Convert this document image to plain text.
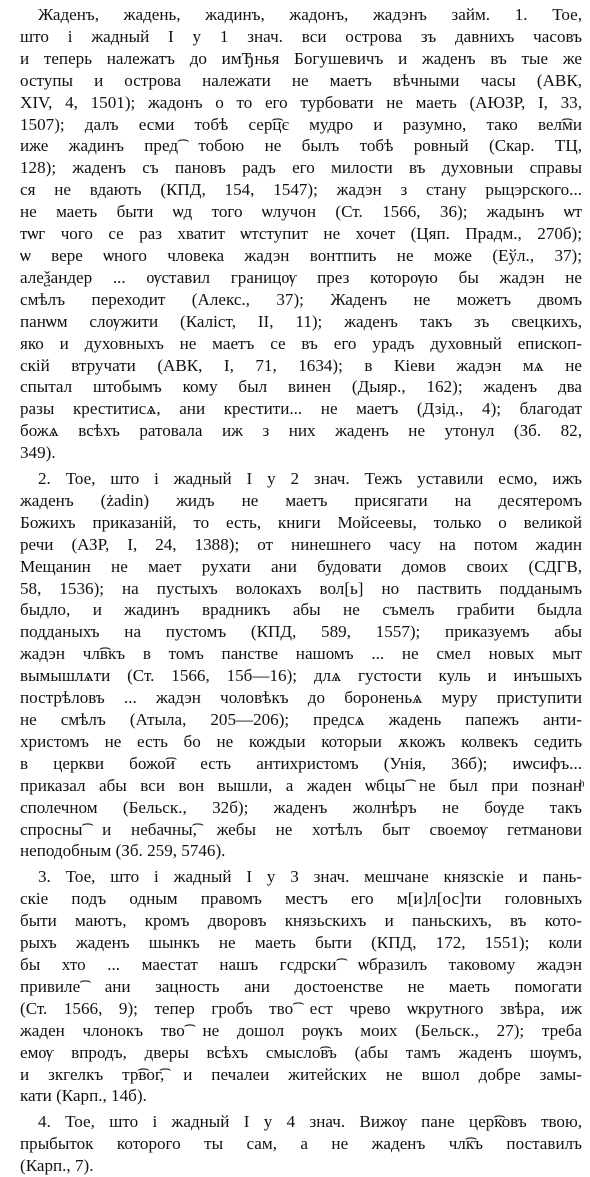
Жаденъ, жадень, жадинъ, жадонъ, жадэнъ займ. 1. Тое,
што і жадный I у 1 знач. вси острова зъ давнихъ часовъ
и теперь належатъ до имЂнья Богушевичъ и жаденъ въ тые же
оступы и острова належати не маетъ вѣчными часы (АВК,
XIV, 4, 1501); жадонъ о то его турбовати не маеть (АЮЗР, I, 33,
1507); далъ есми тобѣ сер͡цє мудро и разумно, тако вел͡ми
иже жадинъ пред͡ тобою не былъ тобѣ ровный (Скар. ТЦ,
128); жаденъ съ пановъ радъ его милости въ духовныи справы
ся не вдають (КПД, 154, 1547); жадэн з стану рыцэрского...
не маеть быти ѡд того ѡлучон (Ст. 1566, 36); жадынъ ѡт
тѡг чого се раз хватит ѡтступит не хочет (Цяп. Прадм., 270б);
ѡ вере ѡного чловека жадэн вонтпить не може (Еўл., 37);
алеѯандер ... ѹставил границѹ през которѹю бы жадэн не
смѣлъ переходит (Алекс., 37); Жаденъ не можетъ двомъ
панѡм слѹжити (Каліст, II, 11); жаденъ такъ зъ свецкихъ,
яко и духовныхъ не маетъ се въ его урадъ духовный епископ-
скій втручати (АВК, I, 71, 1634); в Кіеви жадэн мѧ не
спытал штобымъ кому был винен (Дыяр., 162); жаденъ два
разы креститисѧ, ани крестити... не маетъ (Дзід., 4); благодат
божѧ всѣхъ ратовала иж з них жаденъ не утонул (Зб. 82,
349).
2. Тое, што і жадный I у 2 знач. Тежъ уставили есмо, ижъ
жаденъ (żadin) жидъ не маетъ присягати на десятеромъ
Божихъ приказаній, то есть, книги Мойсеевы, только о великой
речи (АЗР, I, 24, 1388); от нинешнего часу на потом жадин
Мещанин не мает рухати ани будовати домов своих (СДГВ,
58, 1536); на пустыхъ волокахъ вол[ь] но паствить подданымъ
быдло, и жадинъ врадникъ абы не съмелъ грабити быдла
подданыхъ на пустомъ (КПД, 589, 1557); приказуемъ абы
жадэн чл͡вкъ в томъ панстве нашомъ ... не смел новых мыт
вымышлѧти (Ст. 1566, 15б—16); длѧ густости куль и инъшыхъ
пострѣловъ ... жадэн чоловѣкъ до бороненьѧ муру приступити
не смѣлъ (Атыла, 205—206); предсѧ жадень папежъ анти-
христомъ не есть бо не кождыи которыи ѫкожъ колвекъ седить
в церкви божо͡и есть антихристомъ (Унія, 36б); иѡсифъ...
приказал абы вси вон вышли, а жаден ѡбцы͡ не был при познанͪ
сполечном (Бельск., 32б); жаденъ жолнѣръ не бѹде такъ
спросны͡ и небачны͡, жебы не хотѣлъ быт своемѹ гетманови
неподобным (Зб. 259, 5746).
3. Тое, што і жадный I у 3 знач. мешчане князскіе и пань-
скіе подъ одным правомъ местъ его м[и]л[ос]ти головныхъ
быти маютъ, кромъ дворовъ князьскихъ и паньскихъ, въ кото-
рыхъ жаденъ шынкъ не маеть быти (КПД, 172, 1551); коли
бы хто ... маестат нашъ гсдрски͡ ѡбразилъ таковому жадэн
привиле͡ ани зацность ани достоенстве не маеть помогати
(Ст. 1566, 9); тепер гробъ тво͡ ест чрево ѡкрутного звѣра, иж
жаден члонокъ тво͡ не дошол рѹкъ моих (Бельск., 27); треба
емѹ впродъ, дверы всѣхъ смысло͡въ (абы тамъ жаденъ шѹмъ,
и зкгелкъ тр͡вог͡, и печалеи житейских не вшол добре замы-
кати (Карп., 14б).
4. Тое, што і жадный I у 4 знач. Вижѹ пане цер͡ковъ твою,
прыбыток которого ты сам, а не жаденъ чл͡къ поставилъ
(Карп., 7).
